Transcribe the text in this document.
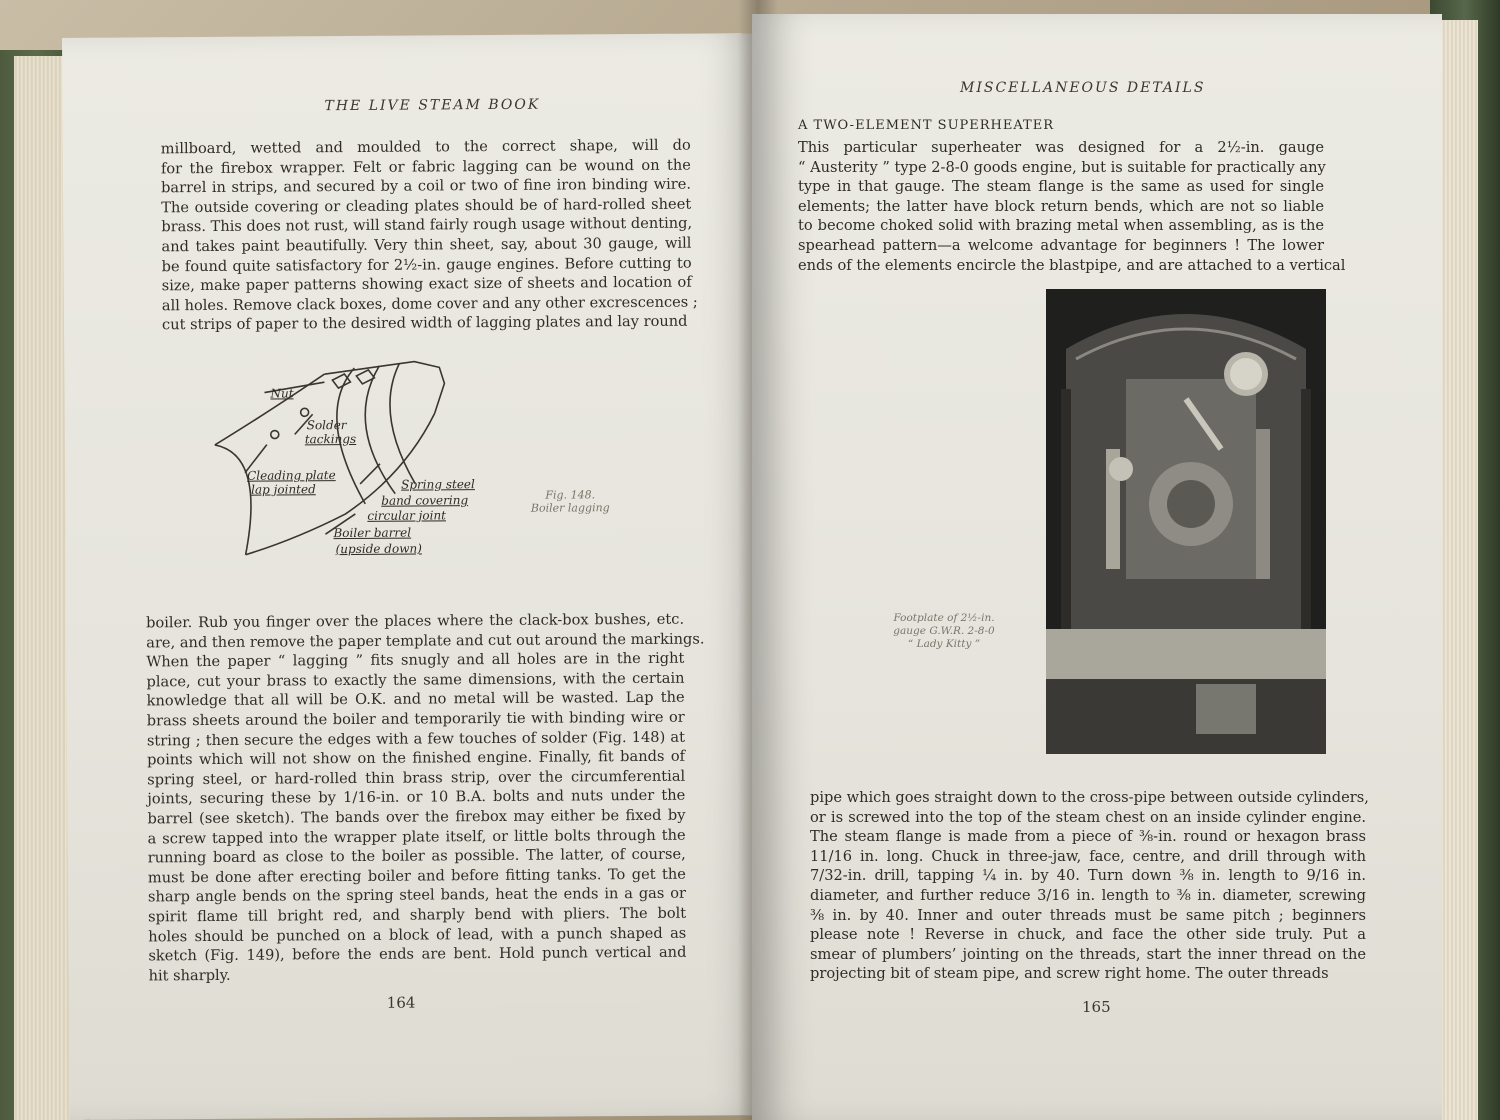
THE LIVE STEAM BOOK
millboard, wetted and moulded to the correct shape, will do
for the firebox wrapper. Felt or fabric lagging can be wound on the
barrel in strips, and secured by a coil or two of fine iron binding wire.
The outside covering or cleading plates should be of hard-rolled sheet
brass. This does not rust, will stand fairly rough usage without denting,
and takes paint beautifully. Very thin sheet, say, about 30 gauge, will
be found quite satisfactory for 2½-in. gauge engines. Before cutting to
size, make paper patterns showing exact size of sheets and location of
all holes. Remove clack boxes, dome cover and any other excrescences ;
cut strips of paper to the desired width of lagging plates and lay round
Nut
Solder
tackings
Cleading plate
lap jointed	Spring steel
band covering
circular joint
Boiler barrel
(upside down)
Fig. 148.
Boiler lagging
boiler. Rub you finger over the places where the clack-box bushes, etc.
are, and then remove the paper template and cut out around the markings.
When the paper “ lagging ” fits snugly and all holes are in the right
place, cut your brass to exactly the same dimensions, with the certain
knowledge that all will be O.K. and no metal will be wasted. Lap the
brass sheets around the boiler and temporarily tie with binding wire or
string ; then secure the edges with a few touches of solder (Fig. 148) at
points which will not show on the finished engine. Finally, fit bands of
spring steel, or hard-rolled thin brass strip, over the circumferential
joints, securing these by 1/16-in. or 10 B.A. bolts and nuts under the
barrel (see sketch). The bands over the firebox may either be fixed by
a screw tapped into the wrapper plate itself, or little bolts through the
running board as close to the boiler as possible. The latter, of course,
must be done after erecting boiler and before fitting tanks. To get the
sharp angle bends on the spring steel bands, heat the ends in a gas or
spirit flame till bright red, and sharply bend with pliers. The bolt
holes should be punched on a block of lead, with a punch shaped as
sketch (Fig. 149), before the ends are bent. Hold punch vertical and
hit sharply.
164
MISCELLANEOUS DETAILS
A TWO-ELEMENT SUPERHEATER
This particular superheater was designed for a 2½-in. gauge
“ Austerity ” type 2-8-0 goods engine, but is suitable for practically any
type in that gauge. The steam flange is the same as used for single
elements; the latter have block return bends, which are not so liable
to become choked solid with brazing metal when assembling, as is the
spearhead pattern—a welcome advantage for beginners ! The lower
ends of the elements encircle the blastpipe, and are attached to a vertical
Footplate of 2½-in.
gauge G.W.R. 2-8-0
“ Lady Kitty ”
pipe which goes straight down to the cross-pipe between outside cylinders,
or is screwed into the top of the steam chest on an inside cylinder engine.
The steam flange is made from a piece of ⅜-in. round or hexagon brass
11/16 in. long. Chuck in three-jaw, face, centre, and drill through with
7/32-in. drill, tapping ¼ in. by 40. Turn down ⅜ in. length to 9/16 in.
diameter, and further reduce 3/16 in. length to ⅜ in. diameter, screwing
⅜ in. by 40. Inner and outer threads must be same pitch ; beginners
please note ! Reverse in chuck, and face the other side truly. Put a
smear of plumbers’ jointing on the threads, start the inner thread on the
projecting bit of steam pipe, and screw right home. The outer threads
165
